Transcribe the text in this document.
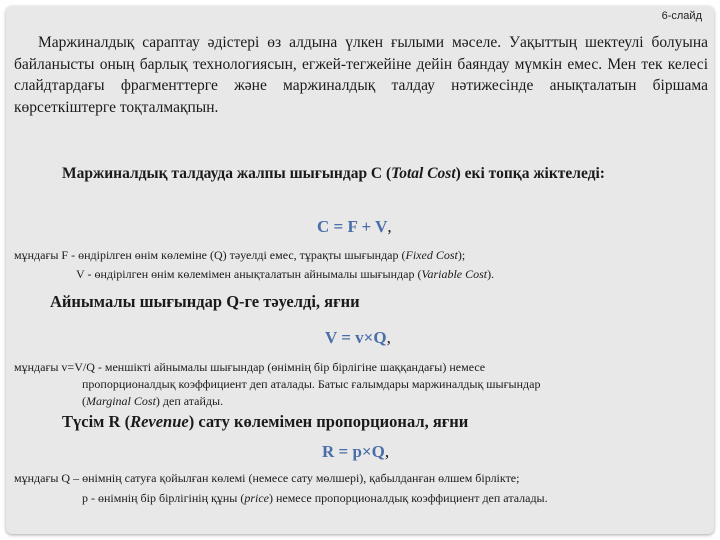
6-слайд
Маржиналдық сараптау әдістері өз алдына үлкен ғылыми мәселе. Уақыттың шектеулі болуына байланысты оның барлық технологиясын, егжей-тегжейіне дейін баяндау мүмкін емес. Мен тек келесі слайдтардағы фрагменттерге және маржиналдық талдау нәтижесінде анықталатын біршама көрсеткіштерге тоқталмақпын.
Маржиналдық талдауда жалпы шығындар С (Total Cost) екі топқа жіктеледі:
C = F + V,
мұндағы F - өндірілген өнім көлеміне (Q) тәуелді емес, тұрақты шығындар (Fixed Cost);
V - өндірілген өнім көлемімен анықталатын айнымалы шығындар (Variable Cost).
Айнымалы шығындар Q-ге тәуелді, яғни
V = v×Q,
мұндағы v=V/Q - меншікті айнымалы шығындар (өнімнің бір бірлігіне шаққандағы) немесе
пропорционалдық коэффициент деп аталады. Батыс ғалымдары маржиналдық шығындар
(Marginal Cost) деп атайды.
Түсім R (Revenue) сату көлемімен пропорционал, яғни
R = p×Q,
мұндағы Q – өнімнің сатуға қойылған көлемі (немесе сату мөлшері), қабылданған өлшем бірлікте;
р - өнімнің бір бірлігінің құны (price) немесе пропорционалдық коэффициент деп аталады.
